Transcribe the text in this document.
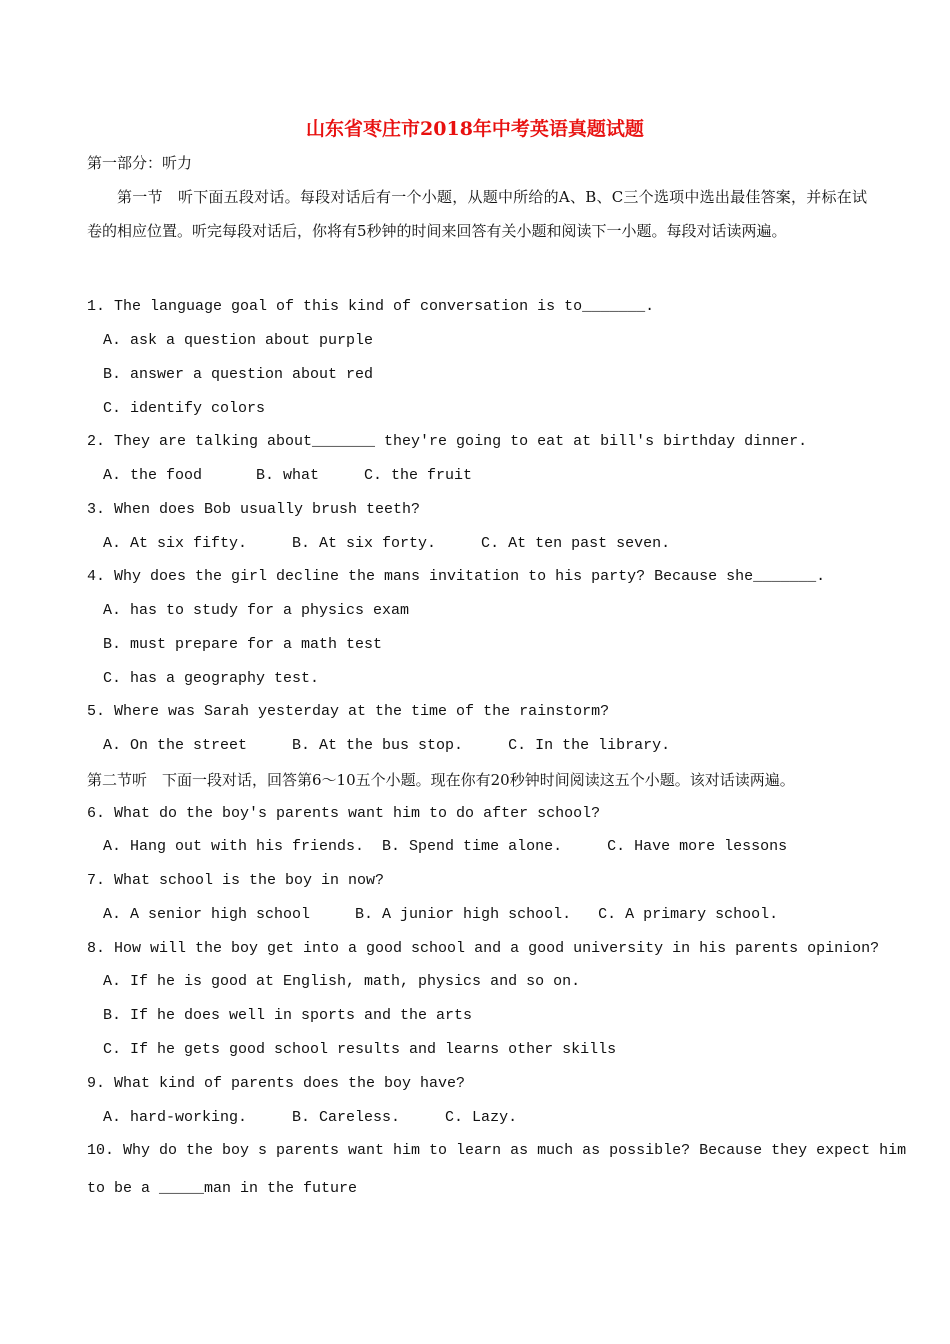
山东省枣庄市2018年中考英语真题试题
第一部分：听力
第一节　听下面五段对话。每段对话后有一个小题，从题中所给的A、B、C三个选项中选出最佳答案，并标在试卷的相应位置。听完每段对话后，你将有5秒钟的时间来回答有关小题和阅读下一小题。每段对话读两遍。
1. The language goal of this kind of conversation is to_______.
A. ask a question about purple
B. answer a question about red
C. identify colors
2. They are talking about_______ they're going to eat at bill's birthday dinner.
A. the food      B. what     C. the fruit
3. When does Bob usually brush teeth?
A. At six fifty.     B. At six forty.     C. At ten past seven.
4. Why does the girl decline the mans invitation to his party? Because she_______.
A. has to study for a physics exam
B. must prepare for a math test
C. has a geography test.
5. Where was Sarah yesterday at the time of the rainstorm?
A. On the street     B. At the bus stop.     C. In the library.
第二节听　下面一段对话，回答第6～10五个小题。现在你有20秒钟时间阅读这五个小题。该对话读两遍。
6. What do the boy's parents want him to do after school?
A. Hang out with his friends.  B. Spend time alone.     C. Have more lessons
7. What school is the boy in now?
A. A senior high school     B. A junior high school.   C. A primary school.
8. How will the boy get into a good school and a good university in his parents opinion?
A. If he is good at English, math, physics and so on.
B. If he does well in sports and the arts
C. If he gets good school results and learns other skills
9. What kind of parents does the boy have?
A. hard-working.     B. Careless.     C. Lazy.
10. Why do the boy s parents want him to learn as much as possible? Because they expect him
to be a _____man in the future
